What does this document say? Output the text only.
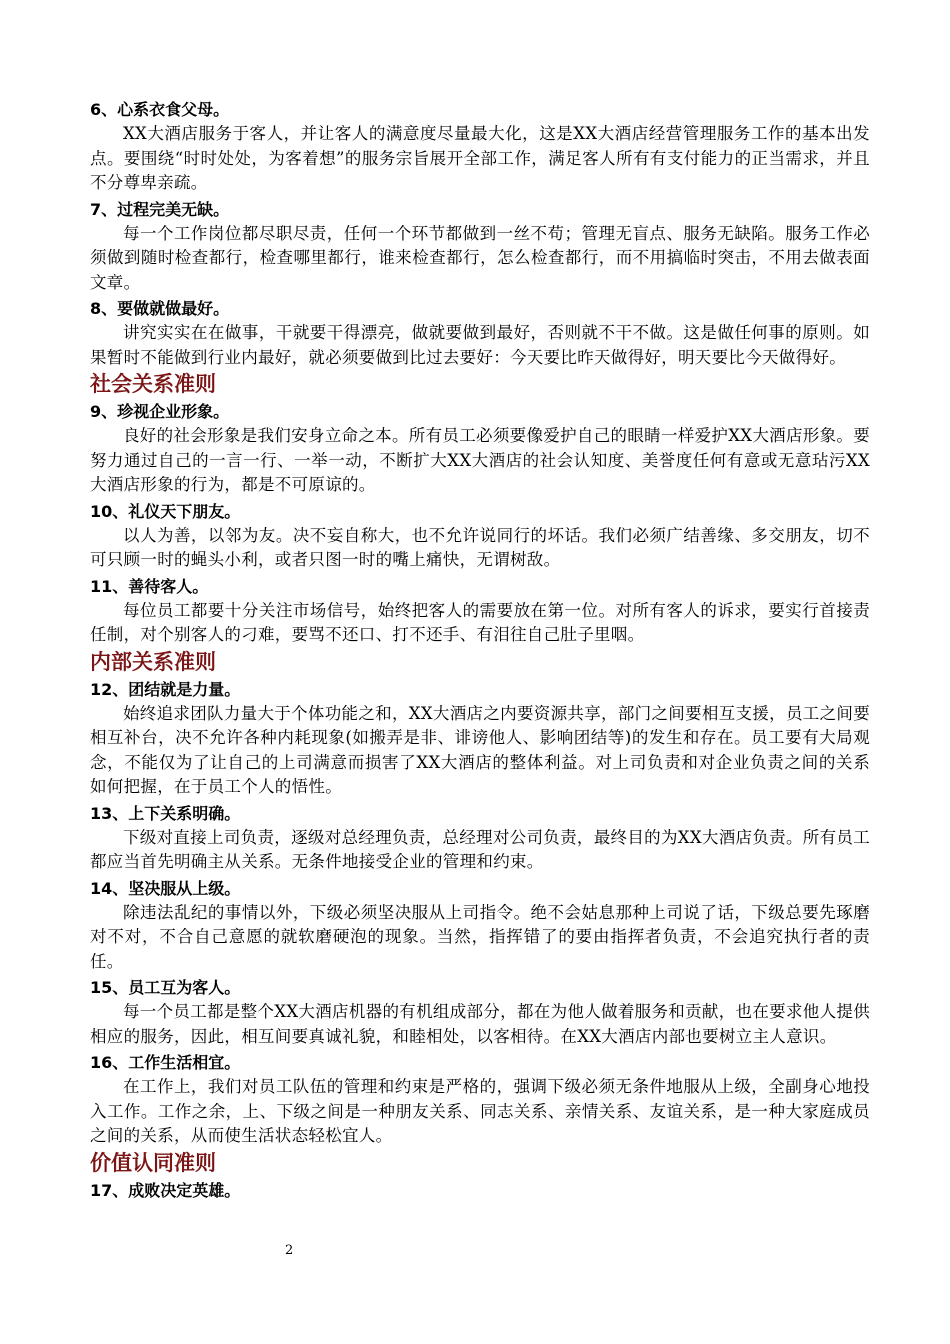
6、心系衣食父母。

XX大酒店服务于客人，并让客人的满意度尽量最大化，这是XX大酒店经营管理服务工作的基本出发点。要围绕“时时处处，为客着想”的服务宗旨展开全部工作，满足客人所有有支付能力的正当需求，并且不分尊卑亲疏。

7、过程完美无缺。

每一个工作岗位都尽职尽责，任何一个环节都做到一丝不苟；管理无盲点、服务无缺陷。服务工作必须做到随时检查都行，检查哪里都行，谁来检查都行，怎么检查都行，而不用搞临时突击，不用去做表面文章。

8、要做就做最好。

讲究实实在在做事，干就要干得漂亮，做就要做到最好，否则就不干不做。这是做任何事的原则。如果暂时不能做到行业内最好，就必须要做到比过去要好：今天要比昨天做得好，明天要比今天做得好。

社会关系准则
9、珍视企业形象。

良好的社会形象是我们安身立命之本。所有员工必须要像爱护自己的眼睛一样爱护XX大酒店形象。要努力通过自己的一言一行、一举一动，不断扩大XX大酒店的社会认知度、美誉度任何有意或无意玷污XX大酒店形象的行为，都是不可原谅的。

10、礼仪天下朋友。

以人为善，以邻为友。决不妄自称大，也不允许说同行的坏话。我们必须广结善缘、多交朋友，切不可只顾一时的蝇头小利，或者只图一时的嘴上痛快，无谓树敌。

11、善待客人。

每位员工都要十分关注市场信号，始终把客人的需要放在第一位。对所有客人的诉求，要实行首接责任制，对个别客人的刁难，要骂不还口、打不还手、有泪往自己肚子里咽。

内部关系准则
12、团结就是力量。

始终追求团队力量大于个体功能之和，XX大酒店之内要资源共享，部门之间要相互支援，员工之间要相互补台，决不允许各种内耗现象(如搬弄是非、诽谤他人、影响团结等)的发生和存在。员工要有大局观念，不能仅为了让自己的上司满意而损害了XX大酒店的整体利益。对上司负责和对企业负责之间的关系如何把握，在于员工个人的悟性。

13、上下关系明确。

下级对直接上司负责，逐级对总经理负责，总经理对公司负责，最终目的为XX大酒店负责。所有员工都应当首先明确主从关系。无条件地接受企业的管理和约束。

14、坚决服从上级。

除违法乱纪的事情以外，下级必须坚决服从上司指令。绝不会姑息那种上司说了话，下级总要先琢磨对不对，不合自己意愿的就软磨硬泡的现象。当然，指挥错了的要由指挥者负责，不会追究执行者的责任。

15、员工互为客人。

每一个员工都是整个XX大酒店机器的有机组成部分，都在为他人做着服务和贡献，也在要求他人提供相应的服务，因此，相互间要真诚礼貌，和睦相处，以客相待。在XX大酒店内部也要树立主人意识。

16、工作生活相宜。

在工作上，我们对员工队伍的管理和约束是严格的，强调下级必须无条件地服从上级，全副身心地投入工作。工作之余，上、下级之间是一种朋友关系、同志关系、亲情关系、友谊关系，是一种大家庭成员之间的关系，从而使生活状态轻松宜人。

价值认同准则
17、成败决定英雄。
2
